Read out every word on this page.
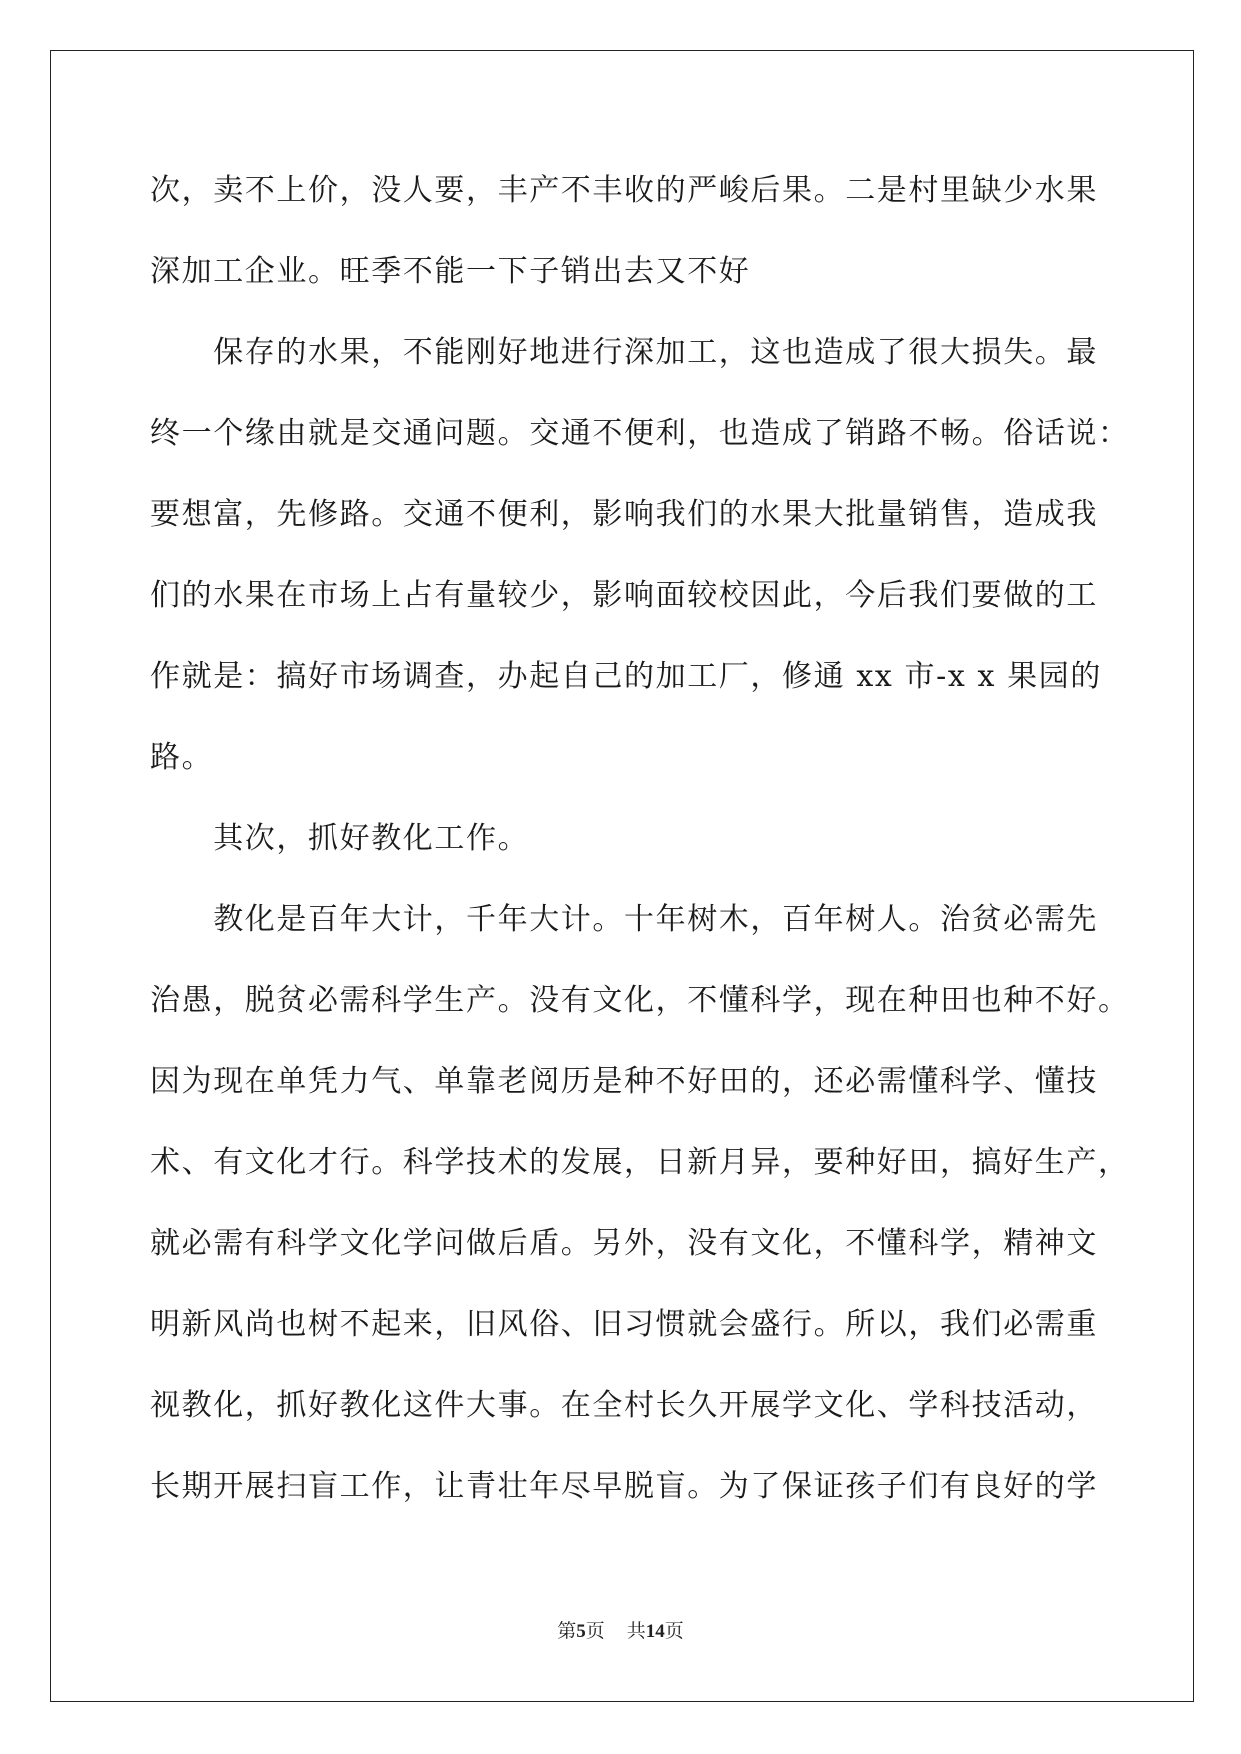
次，卖不上价，没人要，丰产不丰收的严峻后果。二是村里缺少水果
深加工企业。旺季不能一下子销出去又不好
　　保存的水果，不能刚好地进行深加工，这也造成了很大损失。最
终一个缘由就是交通问题。交通不便利，也造成了销路不畅。俗话说：
要想富，先修路。交通不便利，影响我们的水果大批量销售，造成我
们的水果在市场上占有量较少，影响面较校因此，今后我们要做的工
作就是：搞好市场调查，办起自己的加工厂，修通 xx 市-x x 果园的
路。
　　其次，抓好教化工作。
　　教化是百年大计，千年大计。十年树木，百年树人。治贫必需先
治愚，脱贫必需科学生产。没有文化，不懂科学，现在种田也种不好。
因为现在单凭力气、单靠老阅历是种不好田的，还必需懂科学、懂技
术、有文化才行。科学技术的发展，日新月异，要种好田，搞好生产，
就必需有科学文化学问做后盾。另外，没有文化，不懂科学，精神文
明新风尚也树不起来，旧风俗、旧习惯就会盛行。所以，我们必需重
视教化，抓好教化这件大事。在全村长久开展学文化、学科技活动，
长期开展扫盲工作，让青壮年尽早脱盲。为了保证孩子们有良好的学
第5页 共14页
